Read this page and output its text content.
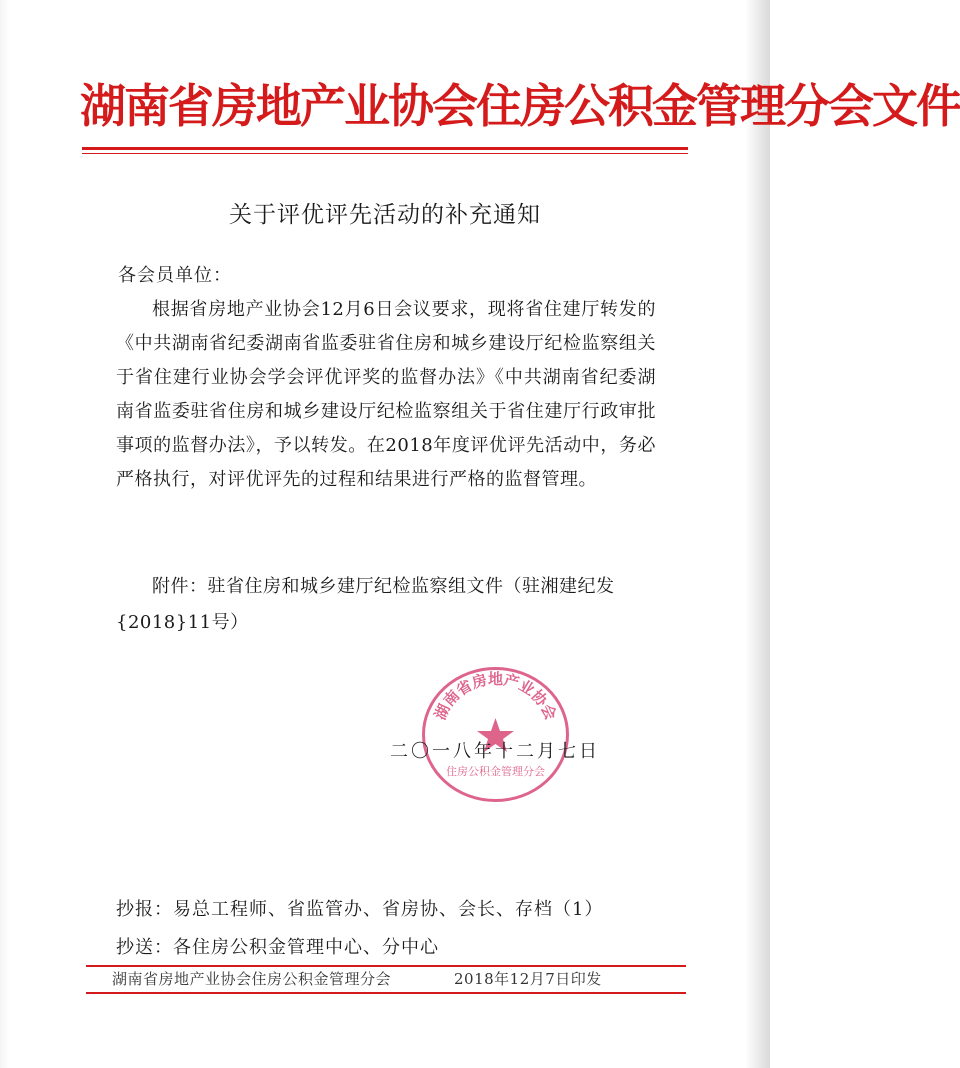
湖南省房地产业协会住房公积金管理分会文件
关于评优评先活动的补充通知
各会员单位：

根据省房地产业协会12月6日会议要求，现将省住建厅转发的《中共湖南省纪委湖南省监委驻省住房和城乡建设厅纪检监察组关于省住建行业协会学会评优评奖的监督办法》《中共湖南省纪委湖南省监委驻省住房和城乡建设厅纪检监察组关于省住建厅行政审批事项的监督办法》，予以转发。在2018年度评优评先活动中，务必严格执行，对评优评先的过程和结果进行严格的监督管理。

附件：驻省住房和城乡建厅纪检监察组文件（驻湘建纪发{2018}11号）

湖南省房地产业协会
住房公积金管理分会
二〇一八年十二月七日
抄报：易总工程师、省监管办、省房协、会长、存档（1）
抄送：各住房公积金管理中心、分中心
湖南省房地产业协会住房公积金管理分会	2018年12月7日印发
